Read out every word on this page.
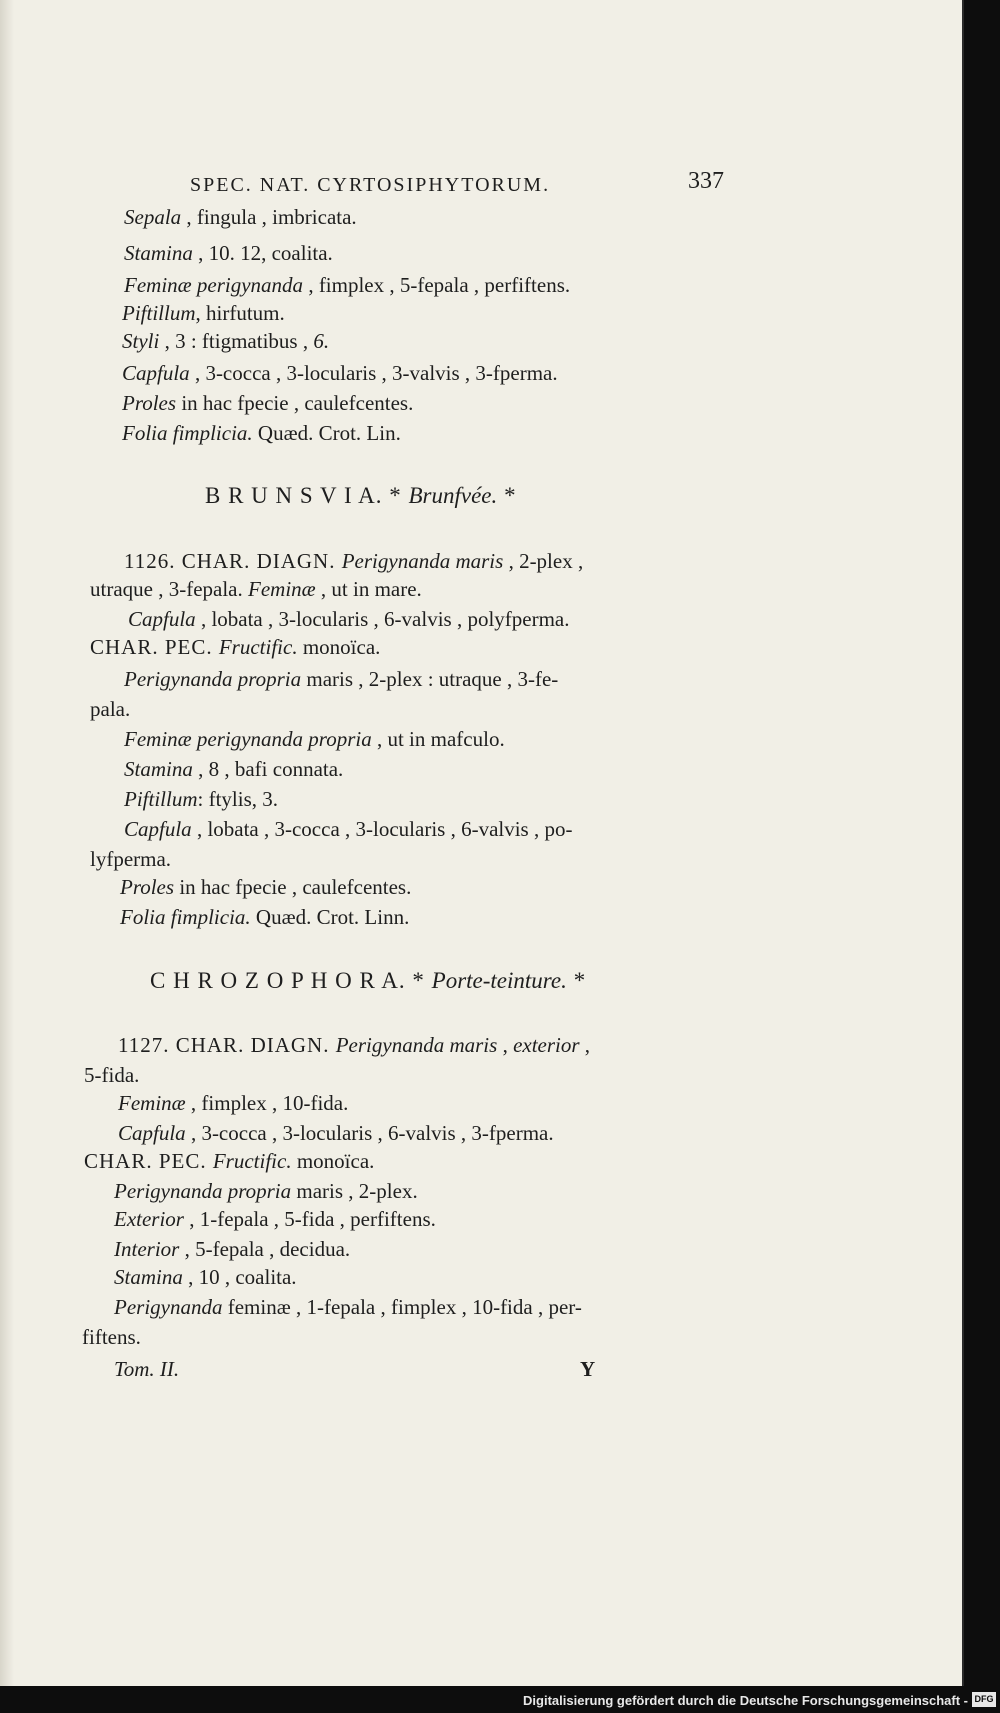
SPEC. NAT. CYRTOSIPHYTORUM.	337
Sepala , fingula , imbricata.
Stamina , 10. 12, coalita.
Feminæ perigynanda , fimplex , 5-fepala , perfiftens.
Piftillum, hirfutum.
Styli , 3 : ftigmatibus , 6.
Capfula , 3-cocca , 3-locularis , 3-valvis , 3-fperma.
Proles in hac fpecie , caulefcentes.
Folia fimplicia. Quæd. Crot. Lin.
B R U N S V I A. * Brunfvée. *
1126. CHAR. DIAGN. Perigynanda maris , 2-plex ,
utraque , 3-fepala. Feminæ , ut in mare.
Capfula , lobata , 3-locularis , 6-valvis , polyfperma.
CHAR. PEC. Fructific. monoïca.
Perigynanda propria maris , 2-plex : utraque , 3-fe-
pala.
Feminæ perigynanda propria , ut in mafculo.
Stamina , 8 , bafi connata.
Piftillum: ftylis, 3.
Capfula , lobata , 3-cocca , 3-locularis , 6-valvis , po-
lyfperma.
Proles in hac fpecie , caulefcentes.
Folia fimplicia. Quæd. Crot. Linn.
C H R O Z O P H O R A. * Porte-teinture. *
1127. CHAR. DIAGN. Perigynanda maris , exterior ,
5-fida.
Feminæ , fimplex , 10-fida.
Capfula , 3-cocca , 3-locularis , 6-valvis , 3-fperma.
CHAR. PEC. Fructific. monoïca.
Perigynanda propria maris , 2-plex.
Exterior , 1-fepala , 5-fida , perfiftens.
Interior , 5-fepala , decidua.
Stamina , 10 , coalita.
Perigynanda feminæ , 1-fepala , fimplex , 10-fida , per-
fiftens.
Tom. II.	Y
Digitalisierung gefördert durch die Deutsche Forschungsgemeinschaft - DFG
